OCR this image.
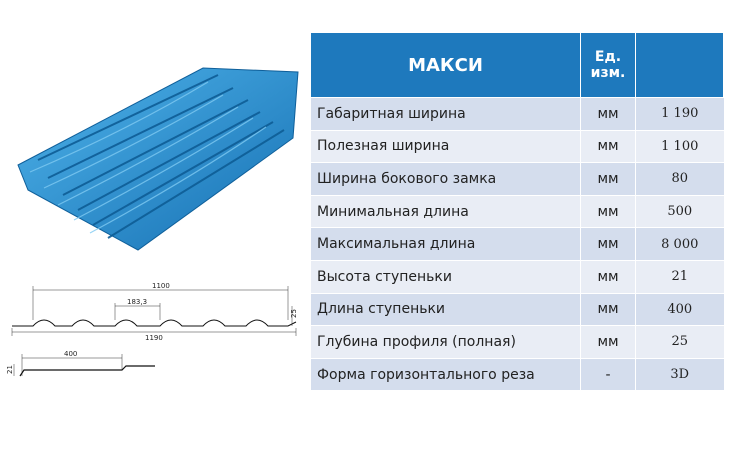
1100
183,3
25
1190
400
21
МАКСИ	Ед. изм.	
Габаритная ширина	мм	1 190
Полезная ширина	мм	1 100
Ширина бокового замка	мм	80
Минимальная длина	мм	500
Максимальная длина	мм	8 000
Высота ступеньки	мм	21
Длина ступеньки	мм	400
Глубина профиля (полная)	мм	25
Форма горизонтального реза	-	3D
